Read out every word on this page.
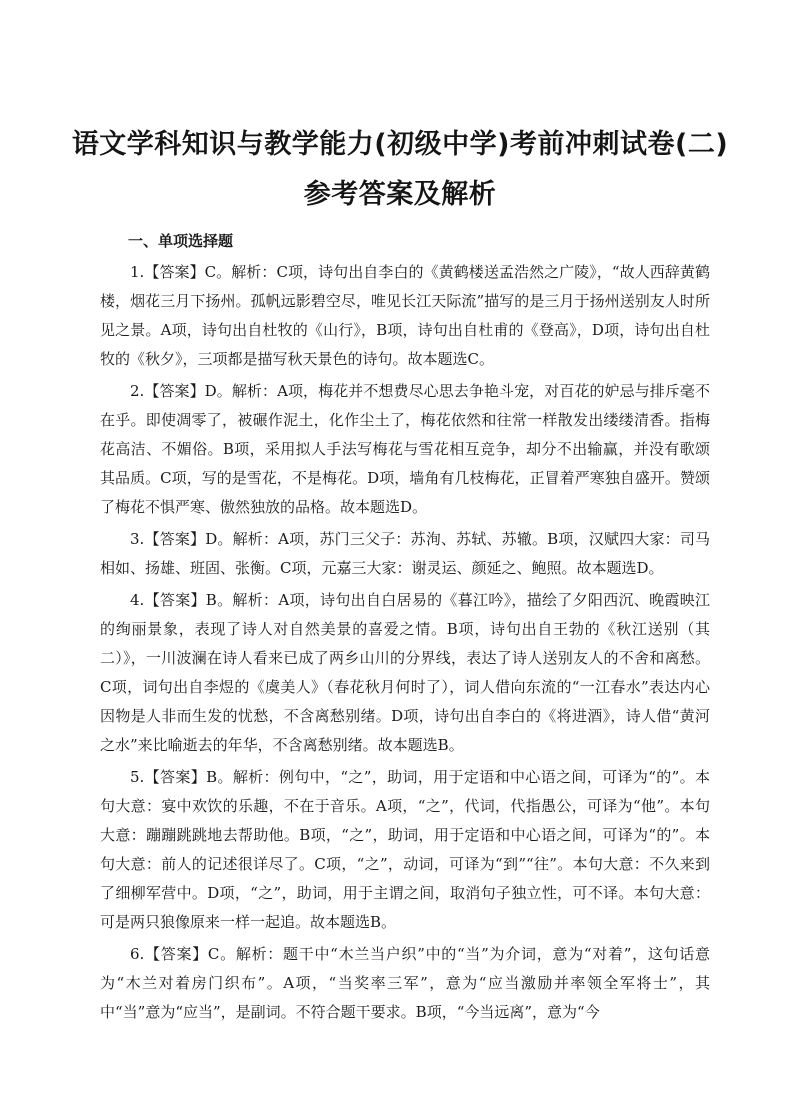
语文学科知识与教学能力(初级中学)考前冲刺试卷(二)
参考答案及解析
一、单项选择题

1.【答案】C。解析：C项，诗句出自李白的《黄鹤楼送孟浩然之广陵》，“故人西辞黄鹤楼，烟花三月下扬州。孤帆远影碧空尽，唯见长江天际流”描写的是三月于扬州送别友人时所见之景。A项，诗句出自杜牧的《山行》，B项，诗句出自杜甫的《登高》，D项，诗句出自杜牧的《秋夕》，三项都是描写秋天景色的诗句。故本题选C。

2.【答案】D。解析：A项，梅花并不想费尽心思去争艳斗宠，对百花的妒忌与排斥毫不在乎。即使凋零了，被碾作泥土，化作尘土了，梅花依然和往常一样散发出缕缕清香。指梅花高洁、不媚俗。B项，采用拟人手法写梅花与雪花相互竞争，却分不出输赢，并没有歌颂其品质。C项，写的是雪花，不是梅花。D项，墙角有几枝梅花，正冒着严寒独自盛开。赞颂了梅花不惧严寒、傲然独放的品格。故本题选D。

3.【答案】D。解析：A项，苏门三父子：苏洵、苏轼、苏辙。B项，汉赋四大家：司马相如、扬雄、班固、张衡。C项，元嘉三大家：谢灵运、颜延之、鲍照。故本题选D。

4.【答案】B。解析：A项，诗句出自白居易的《暮江吟》，描绘了夕阳西沉、晚霞映江的绚丽景象，表现了诗人对自然美景的喜爱之情。B项，诗句出自王勃的《秋江送别（其二）》，一川波澜在诗人看来已成了两乡山川的分界线，表达了诗人送别友人的不舍和离愁。C项，词句出自李煜的《虞美人》（春花秋月何时了），词人借向东流的“一江春水”表达内心因物是人非而生发的忧愁，不含离愁别绪。D项，诗句出自李白的《将进酒》，诗人借“黄河之水”来比喻逝去的年华，不含离愁别绪。故本题选B。

5.【答案】B。解析：例句中，“之”，助词，用于定语和中心语之间，可译为“的”。本句大意：宴中欢饮的乐趣，不在于音乐。A项，“之”，代词，代指愚公，可译为“他”。本句大意：蹦蹦跳跳地去帮助他。B项，“之”，助词，用于定语和中心语之间，可译为“的”。本句大意：前人的记述很详尽了。C项，“之”，动词，可译为“到”“往”。本句大意：不久来到了细柳军营中。D项，“之”，助词，用于主谓之间，取消句子独立性，可不译。本句大意：可是两只狼像原来一样一起追。故本题选B。

6.【答案】C。解析：题干中“木兰当户织”中的“当”为介词，意为“对着”，这句话意为“木兰对着房门织布”。A项，“当奖率三军”，意为“应当激励并率领全军将士”，其中“当”意为“应当”，是副词。不符合题干要求。B项，“今当远离”，意为“今
